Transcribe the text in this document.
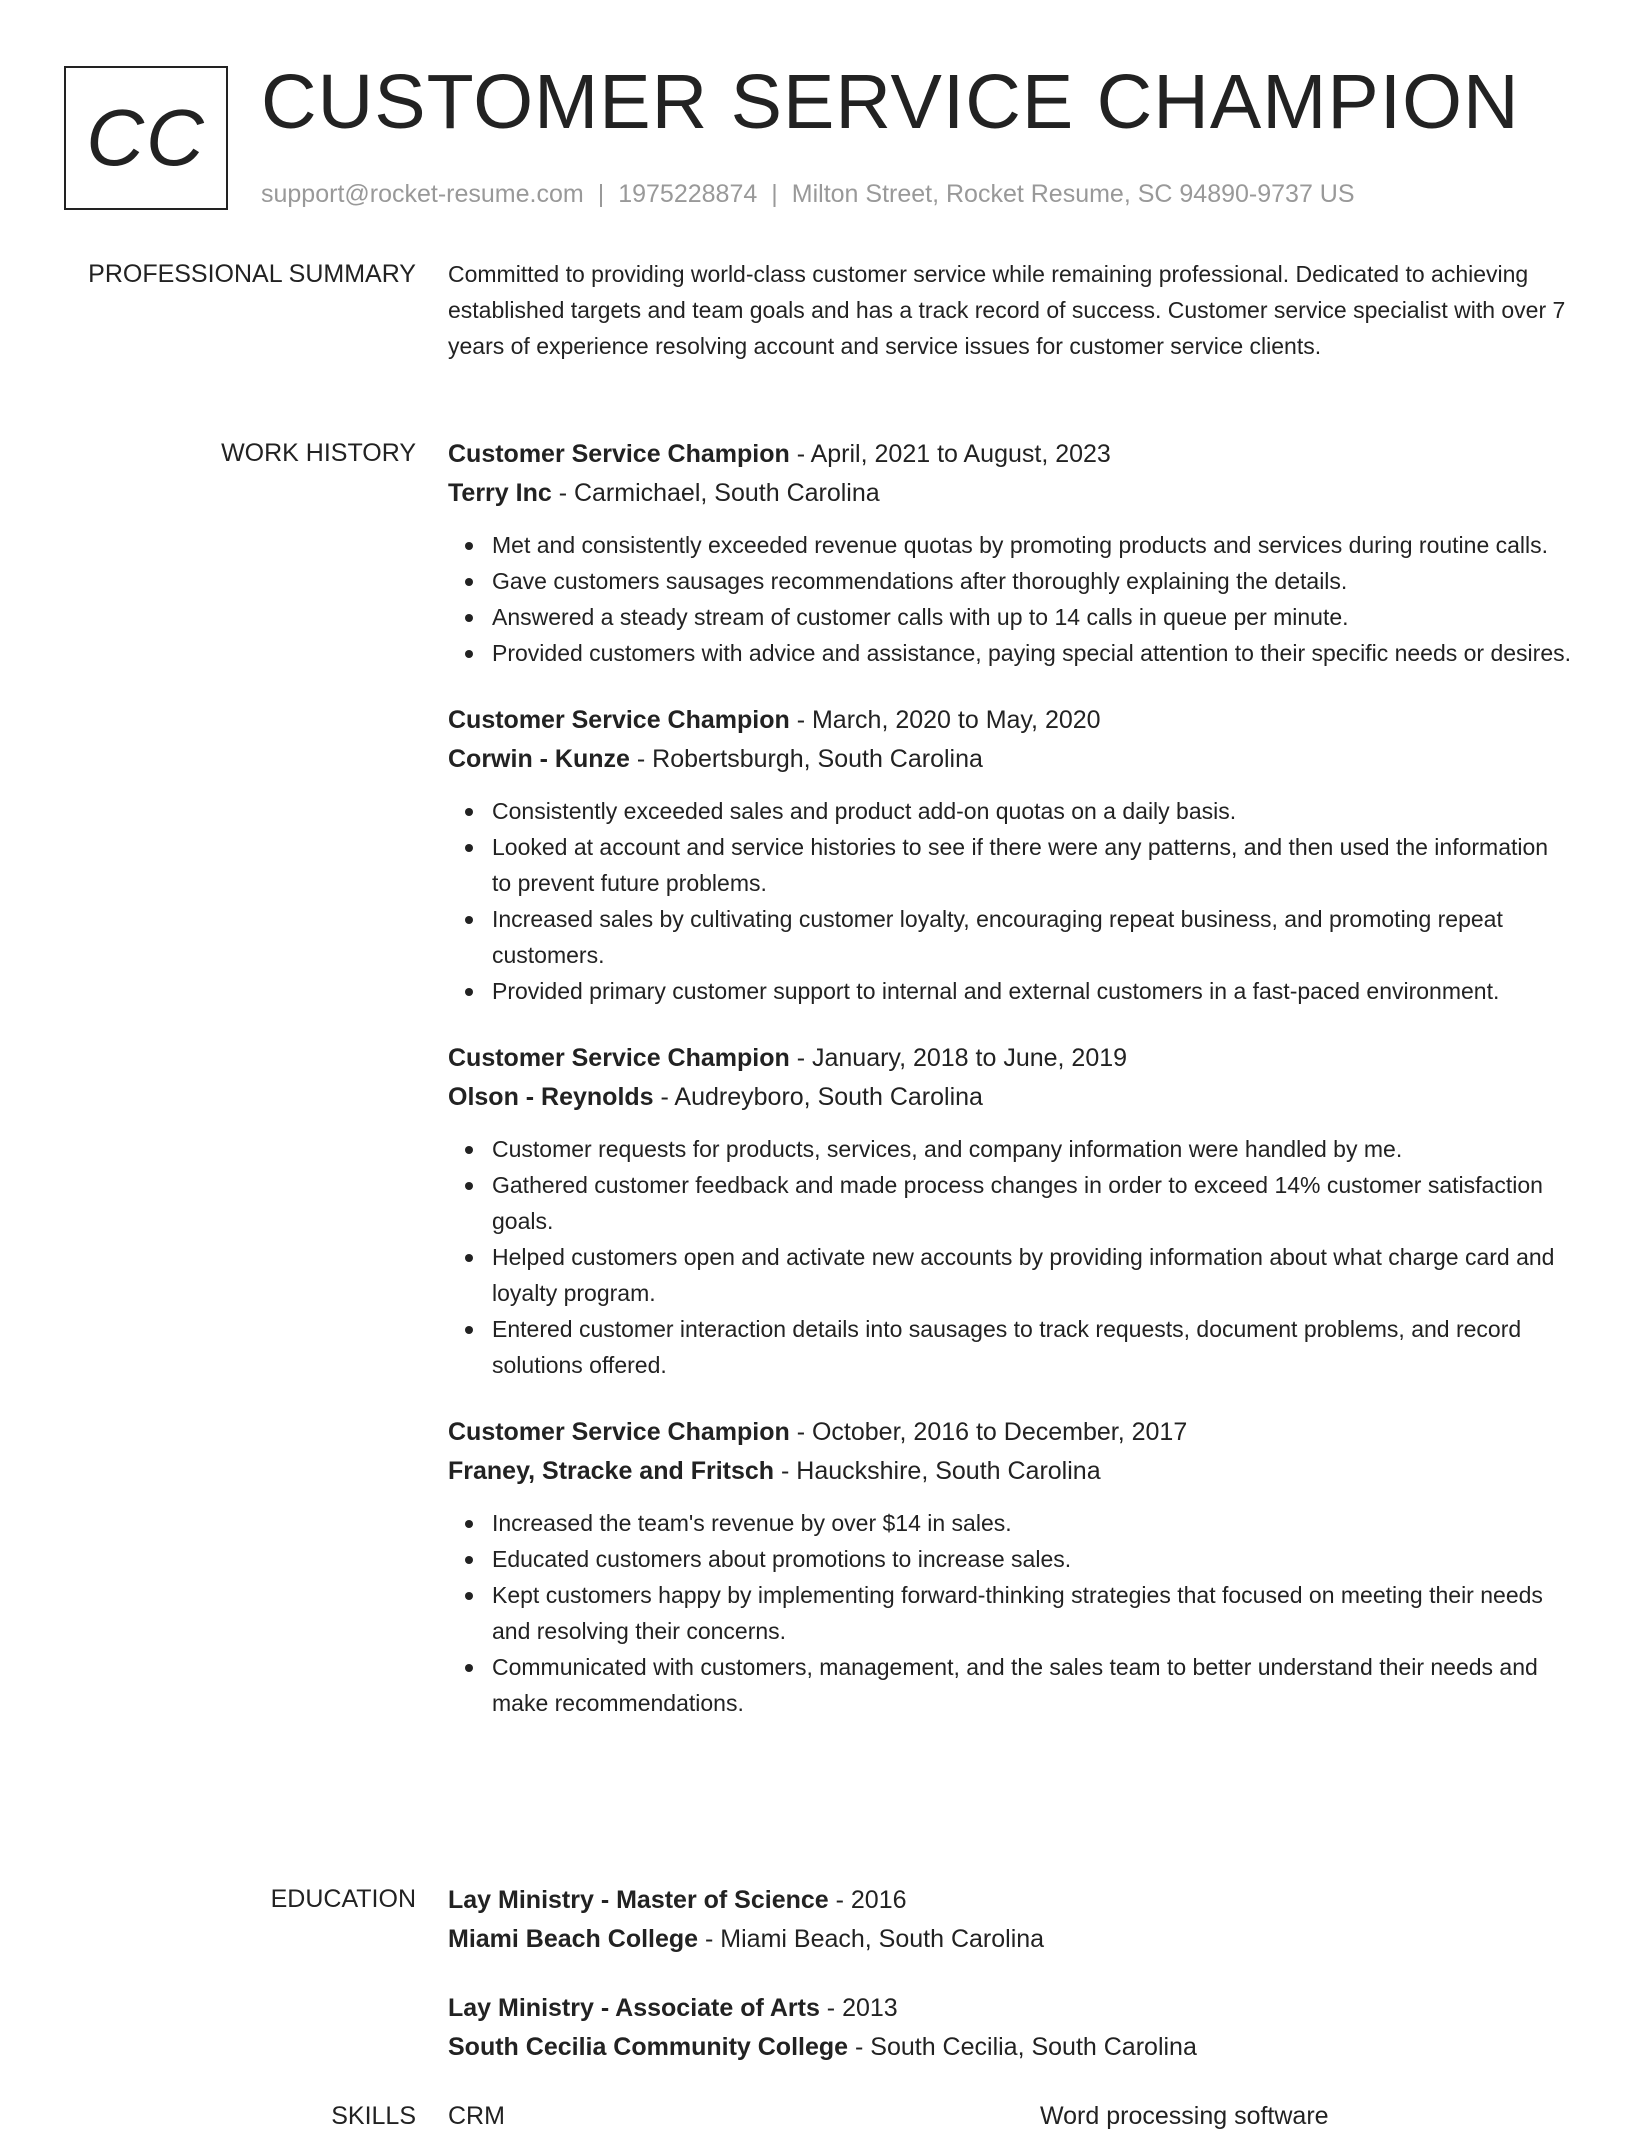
CC CUSTOMER SERVICE CHAMPION
support@rocket-resume.com | 1975228874 | Milton Street, Rocket Resume, SC 94890-9737 US
PROFESSIONAL SUMMARY Committed to providing world-class customer service while remaining professional. Dedicated to achieving established targets and team goals and has a track record of success. Customer service specialist with over 7 years of experience resolving account and service issues for customer service clients.
WORK HISTORY Customer Service Champion - April, 2021 to August, 2023
Terry Inc - Carmichael, South Carolina
Met and consistently exceeded revenue quotas by promoting products and services during routine calls.
Gave customers sausages recommendations after thoroughly explaining the details.
Answered a steady stream of customer calls with up to 14 calls in queue per minute.
Provided customers with advice and assistance, paying special attention to their specific needs or desires.
Customer Service Champion - March, 2020 to May, 2020
Corwin - Kunze - Robertsburgh, South Carolina
Consistently exceeded sales and product add-on quotas on a daily basis.
Looked at account and service histories to see if there were any patterns, and then used the information to prevent future problems.
Increased sales by cultivating customer loyalty, encouraging repeat business, and promoting repeat customers.
Provided primary customer support to internal and external customers in a fast-paced environment.
Customer Service Champion - January, 2018 to June, 2019
Olson - Reynolds - Audreyboro, South Carolina
Customer requests for products, services, and company information were handled by me.
Gathered customer feedback and made process changes in order to exceed 14% customer satisfaction goals.
Helped customers open and activate new accounts by providing information about what charge card and loyalty program.
Entered customer interaction details into sausages to track requests, document problems, and record solutions offered.
Customer Service Champion - October, 2016 to December, 2017
Franey, Stracke and Fritsch - Hauckshire, South Carolina
Increased the team's revenue by over $14 in sales.
Educated customers about promotions to increase sales.
Kept customers happy by implementing forward-thinking strategies that focused on meeting their needs and resolving their concerns.
Communicated with customers, management, and the sales team to better understand their needs and make recommendations.
EDUCATION Lay Ministry - Master of Science - 2016
Miami Beach College - Miami Beach, South Carolina
Lay Ministry - Associate of Arts - 2013
South Cecilia Community College - South Cecilia, South Carolina
SKILLS CRM	Word processing software
